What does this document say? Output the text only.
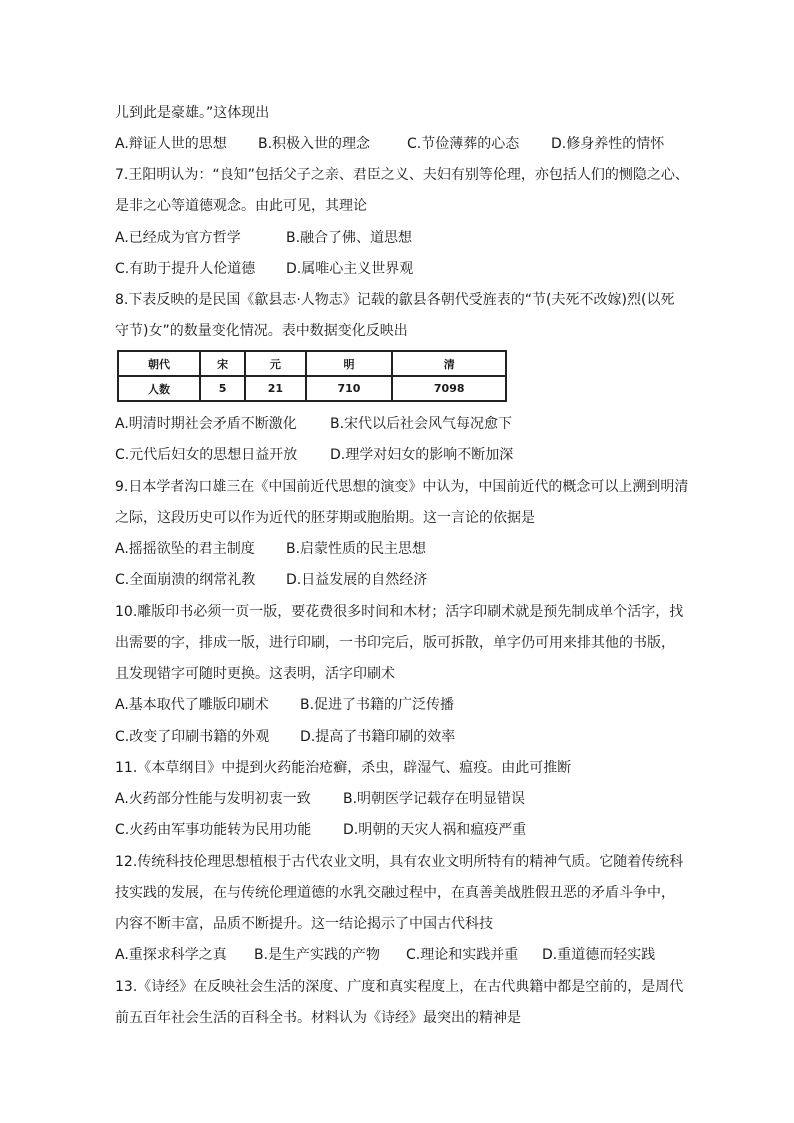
儿到此是豪雄。”这体现出
A.辩证人世的思想 B.积极入世的理念	C.节俭薄葬的心态 D.修身养性的情怀
7.王阳明认为：“良知”包括父子之亲、君臣之义、夫妇有别等伦理，亦包括人们的恻隐之心、
是非之心等道德观念。由此可见，其理论
A.已经成为官方哲学	B.融合了佛、道思想
C.有助于提升人伦道德 D.属唯心主义世界观
8.下表反映的是民国《歙县志·人物志》记载的歙县各朝代受旌表的“节(夫死不改嫁)烈(以死
守节)女”的数量变化情况。表中数据变化反映出
朝代	宋	元	明	清
人数	5	21	710	7098
A.明清时期社会矛盾不断激化 B.宋代以后社会风气每况愈下
C.元代后妇女的思想日益开放 D.理学对妇女的影响不断加深
9.日本学者沟口雄三在《中国前近代思想的演变》中认为，中国前近代的概念可以上溯到明清
之际，这段历史可以作为近代的胚芽期或胞胎期。这一言论的依据是
A.摇摇欲坠的君主制度 B.启蒙性质的民主思想
C.全面崩溃的纲常礼教 D.日益发展的自然经济
10.雕版印书必须一页一版，要花费很多时间和木材；活字印刷术就是预先制成单个活字，找
出需要的字，排成一版，进行印刷，一书印完后，版可拆散，单字仍可用来排其他的书版，
且发现错字可随时更换。这表明，活字印刷术
A.基本取代了雕版印刷术 B.促进了书籍的广泛传播
C.改变了印刷书籍的外观 D.提高了书籍印刷的效率
11.《本草纲目》中提到火药能治疮癣，杀虫，辟湿气、瘟疫。由此可推断
A.火药部分性能与发明初衷一致 B.明朝医学记载存在明显错误
C.火药由军事功能转为民用功能 D.明朝的天灾人祸和瘟疫严重
12.传统科技伦理思想植根于古代农业文明，具有农业文明所特有的精神气质。它随着传统科
技实践的发展，在与传统伦理道德的水乳交融过程中，在真善美战胜假丑恶的矛盾斗争中，
内容不断丰富，品质不断提升。这一结论揭示了中国古代科技
A.重探求科学之真 B.是生产实践的产物 C.理论和实践并重 D.重道德而轻实践
13.《诗经》在反映社会生活的深度、广度和真实程度上，在古代典籍中都是空前的，是周代
前五百年社会生活的百科全书。材料认为《诗经》最突出的精神是
